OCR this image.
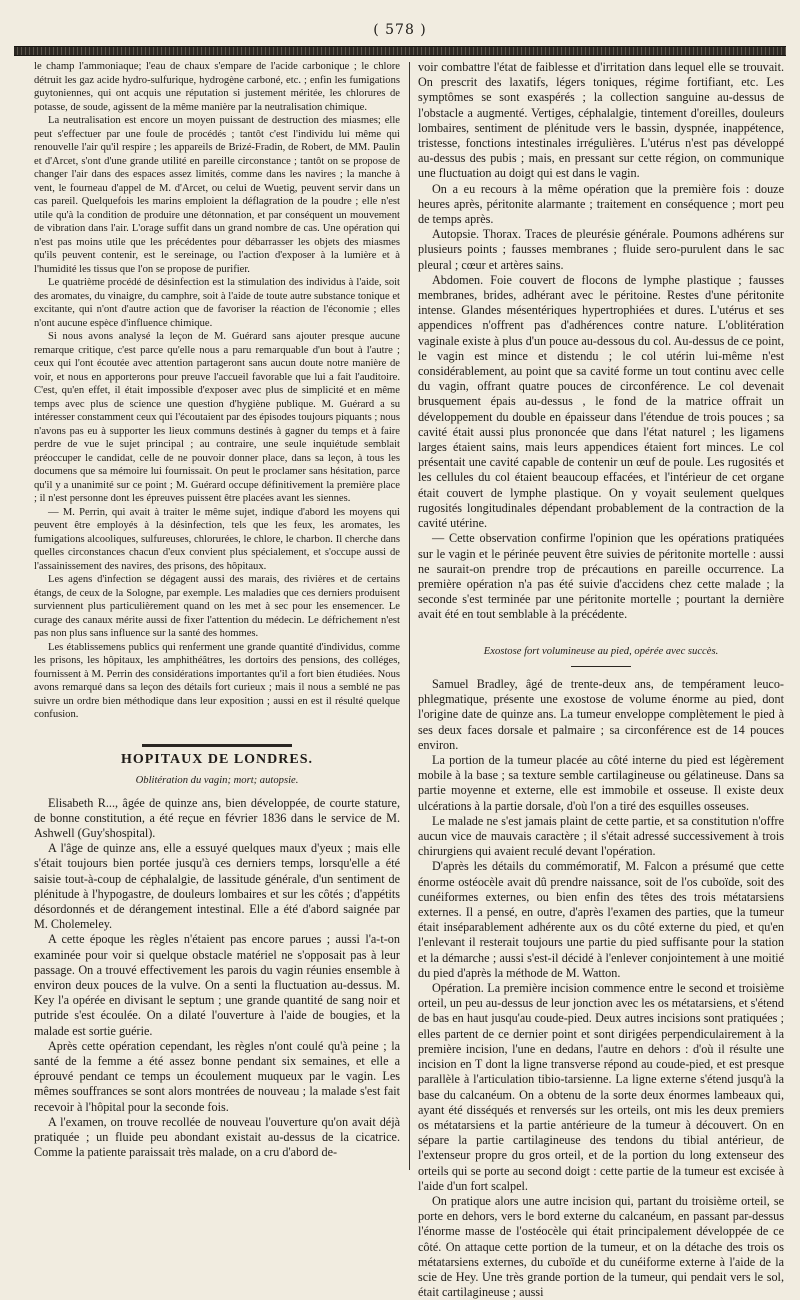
( 578 )

le champ l'ammoniaque; l'eau de chaux s'empare de l'acide carbonique ; le chlore détruit les gaz acide hydro-sulfurique, hydrogène carboné, etc. ; enfin les fumigations guytoniennes, qui ont acquis une réputation si justement méritée, les chlorures de potasse, de soude, agissent de la même manière par la neutralisation chimique.

La neutralisation est encore un moyen puissant de destruction des miasmes; elle peut s'effectuer par une foule de procédés ; tantôt c'est l'individu lui même qui renouvelle l'air qu'il respire ; les appareils de Brizé-Fradin, de Robert, de MM. Paulin et d'Arcet, s'ont d'une grande utilité en pareille circonstance ; tantôt on se propose de changer l'air dans des espaces assez limités, comme dans les navires ; la manche à vent, le fourneau d'appel de M. d'Arcet, ou celui de Wuetig, peuvent servir dans un cas pareil. Quelquefois les marins emploient la déflagration de la poudre ; elle n'est utile qu'à la condition de produire une détonnation, et par conséquent un mouvement de vibration dans l'air. L'orage suffit dans un grand nombre de cas. Une opération qui n'est pas moins utile que les précédentes pour débarrasser les objets des miasmes qu'ils peuvent contenir, est le sereinage, ou l'action d'exposer à la lumière et à l'humidité les tissus que l'on se propose de purifier.

Le quatrième procédé de désinfection est la stimulation des individus à l'aide, soit des aromates, du vinaigre, du camphre, soit à l'aide de toute autre substance tonique et excitante, qui n'ont d'autre action que de favoriser la réaction de l'économie ; elles n'ont aucune espèce d'influence chimique.

Si nous avons analysé la leçon de M. Guérard sans ajouter presque aucune remarque critique, c'est parce qu'elle nous a paru remarquable d'un bout à l'autre ; ceux qui l'ont écoutée avec attention partageront sans aucun doute notre manière de voir, et nous en apporterons pour preuve l'accueil favorable que lui a fait l'auditoire. C'est, qu'en effet, il était impossible d'exposer avec plus de simplicité et en même temps avec plus de science une question d'hygiène publique. M. Guérard a su intéresser constamment ceux qui l'écoutaient par des épisodes toujours piquants ; nous n'avons pas eu à supporter les lieux communs destinés à gagner du temps et à faire perdre de vue le sujet principal ; au contraire, une seule inquiétude semblait préoccuper le candidat, celle de ne pouvoir donner place, dans sa leçon, à tous les documens que sa mémoire lui fournissait. On peut le proclamer sans hésitation, parce qu'il y a unanimité sur ce point ; M. Guérard occupe définitivement la première place ; il n'est personne dont les épreuves puissent être placées avant les siennes.

— M. Perrin, qui avait à traiter le même sujet, indique d'abord les moyens qui peuvent être employés à la désinfection, tels que les feux, les aromates, les fumigations alcooliques, sulfureuses, chlorurées, le chlore, le charbon. Il cherche dans quelles circonstances chacun d'eux convient plus spécialement, et s'occupe aussi de l'assainissement des navires, des prisons, des hôpitaux.

Les agens d'infection se dégagent aussi des marais, des rivières et de certains étangs, de ceux de la Sologne, par exemple. Les maladies que ces derniers produisent surviennent plus particulièrement quand on les met à sec pour les ensemencer. Le curage des canaux mérite aussi de fixer l'attention du médecin. Le défrichement n'est pas non plus sans influence sur la santé des hommes.

Les établissemens publics qui renferment une grande quantité d'individus, comme les prisons, les hôpitaux, les amphithéâtres, les dortoirs des pensions, des colléges, fournissent à M. Perrin des considérations importantes qu'il a fort bien étudiées. Nous avons remarqué dans sa leçon des détails fort curieux ; mais il nous a semblé ne pas suivre un ordre bien méthodique dans leur exposition ; aussi en est il résulté quelque confusion.

HOPITAUX DE LONDRES.
Oblitération du vagin; mort; autopsie.

Elisabeth R..., âgée de quinze ans, bien développée, de courte stature, de bonne constitution, a été reçue en février 1836 dans le service de M. Ashwell (Guy'shospital).

A l'âge de quinze ans, elle a essuyé quelques maux d'yeux ; mais elle s'était toujours bien portée jusqu'à ces derniers temps, lorsqu'elle a été saisie tout-à-coup de céphalalgie, de lassitude générale, d'un sentiment de plénitude à l'hypogastre, de douleurs lombaires et sur les côtés ; d'appétits désordonnés et de dérangement intestinal. Elle a été d'abord saignée par M. Cholemeley.

A cette époque les règles n'étaient pas encore parues ; aussi l'a-t-on examinée pour voir si quelque obstacle matériel ne s'opposait pas à leur passage. On a trouvé effectivement les parois du vagin réunies ensemble à environ deux pouces de la vulve. On a senti la fluctuation au-dessus. M. Key l'a opérée en divisant le septum ; une grande quantité de sang noir et putride s'est écoulée. On a dilaté l'ouverture à l'aide de bougies, et la malade est sortie guérie.

Après cette opération cependant, les règles n'ont coulé qu'à peine ; la santé de la femme a été assez bonne pendant six semaines, et elle a éprouvé pendant ce temps un écoulement muqueux par le vagin. Les mêmes souffrances se sont alors montrées de nouveau ; la malade s'est fait recevoir à l'hôpital pour la seconde fois.

A l'examen, on trouve recollée de nouveau l'ouverture qu'on avait déjà pratiquée ; un fluide peu abondant existait au-dessus de la cicatrice. Comme la patiente paraissait très malade, on a cru d'abord de-

voir combattre l'état de faiblesse et d'irritation dans lequel elle se trouvait. On prescrit des laxatifs, légers toniques, régime fortifiant, etc. Les symptômes se sont exaspérés ; la collection sanguine au-dessus de l'obstacle a augmenté. Vertiges, céphalalgie, tintement d'oreilles, douleurs lombaires, sentiment de plénitude vers le bassin, dyspnée, inappétence, tristesse, fonctions intestinales irrégulières. L'utérus n'est pas développé au-dessus des pubis ; mais, en pressant sur cette région, on communique une fluctuation au doigt qui est dans le vagin.

On a eu recours à la même opération que la première fois : douze heures après, péritonite alarmante ; traitement en conséquence ; mort peu de temps après.

Autopsie. Thorax. Traces de pleurésie générale. Poumons adhérens sur plusieurs points ; fausses membranes ; fluide sero-purulent dans le sac pleural ; cœur et artères sains.

Abdomen. Foie couvert de flocons de lymphe plastique ; fausses membranes, brides, adhérant avec le péritoine. Restes d'une péritonite intense. Glandes mésentériques hypertrophiées et dures. L'utérus et ses appendices n'offrent pas d'adhérences contre nature. L'oblitération vaginale existe à plus d'un pouce au-dessous du col. Au-dessus de ce point, le vagin est mince et distendu ; le col utérin lui-même n'est considérablement, au point que sa cavité forme un tout continu avec celle du vagin, offrant quatre pouces de circonférence. Le col devenait brusquement épais au-dessus , le fond de la matrice offrait un développement du double en épaisseur dans l'étendue de trois pouces ; sa cavité était aussi plus prononcée que dans l'état naturel ; les ligamens larges étaient sains, mais leurs appendices étaient fort minces. Le col présentait une cavité capable de contenir un œuf de poule. Les rugosités et les cellules du col étaient beaucoup effacées, et l'intérieur de cet organe était couvert de lymphe plastique. On y voyait seulement quelques rugosités longitudinales dépendant probablement de la contraction de la cavité utérine.

— Cette observation confirme l'opinion que les opérations pratiquées sur le vagin et le périnée peuvent être suivies de péritonite mortelle : aussi ne saurait-on prendre trop de précautions en pareille occurrence. La première opération n'a pas été suivie d'accidens chez cette malade ; la seconde s'est terminée par une péritonite mortelle ; pourtant la dernière avait été en tout semblable à la précédente.

Exostose fort volumineuse au pied, opérée avec succès.

Samuel Bradley, âgé de trente-deux ans, de tempérament leuco-phlegmatique, présente une exostose de volume énorme au pied, dont l'origine date de quinze ans. La tumeur enveloppe complètement le pied à ses deux faces dorsale et palmaire ; sa circonférence est de 14 pouces environ.

La portion de la tumeur placée au côté interne du pied est légèrement mobile à la base ; sa texture semble cartilagineuse ou gélatineuse. Dans sa partie moyenne et externe, elle est immobile et osseuse. Il existe deux ulcérations à la partie dorsale, d'où l'on a tiré des esquilles osseuses.

Le malade ne s'est jamais plaint de cette partie, et sa constitution n'offre aucun vice de mauvais caractère ; il s'était adressé successivement à trois chirurgiens qui avaient reculé devant l'opération.

D'après les détails du commémoratif, M. Falcon a présumé que cette énorme ostéocèle avait dû prendre naissance, soit de l'os cuboïde, soit des cunéiformes externes, ou bien enfin des têtes des trois métatarsiens externes. Il a pensé, en outre, d'après l'examen des parties, que la tumeur était inséparablement adhérente aux os du côté externe du pied, et qu'en l'enlevant il resterait toujours une partie du pied suffisante pour la station et la démarche ; aussi s'est-il décidé à l'enlever conjointement à une moitié du pied d'après la méthode de M. Watton.

Opération. La première incision commence entre le second et troisième orteil, un peu au-dessus de leur jonction avec les os métatarsiens, et s'étend de bas en haut jusqu'au coude-pied. Deux autres incisions sont pratiquées ; elles partent de ce dernier point et sont dirigées perpendiculairement à la première incision, l'une en dedans, l'autre en dehors : d'où il résulte une incision en T dont la ligne transverse répond au coude-pied, et est presque parallèle à l'articulation tibio-tarsienne. La ligne externe s'étend jusqu'à la base du calcanéum. On a obtenu de la sorte deux énormes lambeaux qui, ayant été disséqués et renversés sur les orteils, ont mis les deux premiers os métatarsiens et la partie antérieure de la tumeur à découvert. On en sépare la partie cartilagineuse des tendons du tibial antérieur, de l'extenseur propre du gros orteil, et de la portion du long extenseur des orteils qui se porte au second doigt : cette partie de la tumeur est excisée à l'aide d'un fort scalpel.

On pratique alors une autre incision qui, partant du troisième orteil, se porte en dehors, vers le bord externe du calcanéum, en passant par-dessus l'énorme masse de l'ostéocèle qui était principalement développée de ce côté. On attaque cette portion de la tumeur, et on la détache des trois os métatarsiens externes, du cuboïde et du cunéiforme externe à l'aide de la scie de Hey. Une très grande portion de la tumeur, qui pendait vers le sol, était cartilagineuse ; aussi
